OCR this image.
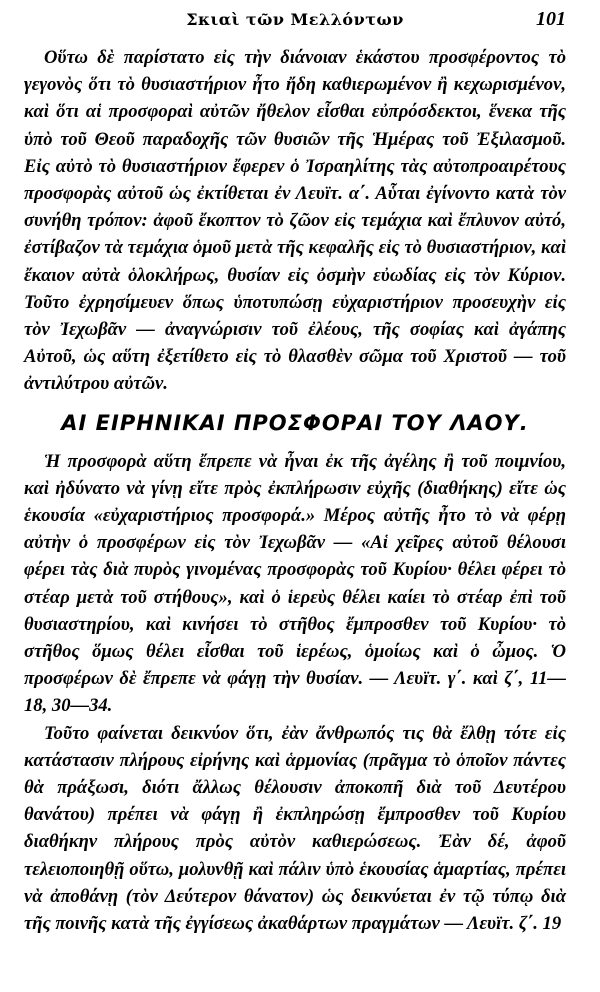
Σκιαὶ τῶν Μελλόντων	101

Οὕτω δὲ παρίστατο εἰς τὴν διάνοιαν ἑκάστου προσφέροντος τὸ γεγονὸς ὅτι τὸ θυσιαστήριον ἦτο ἤδη καθιερωμένον ἢ κεχωρισμένον, καὶ ὅτι αἱ προσφοραὶ αὐτῶν ἤθελον εἶσθαι εὐπρόσδεκτοι, ἕνεκα τῆς ὑπὸ τοῦ Θεοῦ παραδοχῆς τῶν θυσιῶν τῆς Ἡμέρας τοῦ Ἐξιλασμοῦ. Εἰς αὐτὸ τὸ θυσιαστήριον ἔφερεν ὁ Ἰσραηλίτης τὰς αὐτοπροαιρέτους προσφορὰς αὐτοῦ ὡς ἐκτίθεται ἐν Λευϊτ. α΄. Αὗται ἐγίνοντο κατὰ τὸν συνήθη τρόπον: ἀφοῦ ἔκοπτον τὸ ζῶον εἰς τεμάχια καὶ ἔπλυνον αὐτό, ἐστίβαζον τὰ τεμάχια ὁμοῦ μετὰ τῆς κεφαλῆς εἰς τὸ θυσιαστήριον, καὶ ἔκαιον αὐτὰ ὁλοκλήρως, θυσίαν εἰς ὀσμὴν εὐωδίας εἰς τὸν Κύριον. Τοῦτο ἐχρησίμευεν ὅπως ὑποτυπώσῃ εὐχαριστήριον προσευχὴν εἰς τὸν Ἰεχωβᾶν — ἀναγνώρισιν τοῦ ἐλέους, τῆς σοφίας καὶ ἀγάπης Αὐτοῦ, ὡς αὕτη ἐξετίθετο εἰς τὸ θλασθὲν σῶμα τοῦ Χριστοῦ — τοῦ ἀντιλύτρου αὐτῶν.

ΑΙ ΕΙΡΗΝΙΚΑΙ ΠΡΟΣΦΟΡΑΙ ΤΟΥ ΛΑΟΥ.

Ἡ προσφορὰ αὕτη ἔπρεπε νὰ ἦναι ἐκ τῆς ἀγέλης ἢ τοῦ ποιμνίου, καὶ ἠδύνατο νὰ γίνῃ εἴτε πρὸς ἐκπλήρωσιν εὐχῆς (διαθήκης) εἴτε ὡς ἑκουσία «εὐχαριστήριος προσφορά.» Μέρος αὐτῆς ἦτο τὸ νὰ φέρῃ αὐτὴν ὁ προσφέρων εἰς τὸν Ἰεχωβᾶν — «Αἱ χεῖρες αὐτοῦ θέλουσι φέρει τὰς διὰ πυρὸς γινομένας προσφορὰς τοῦ Κυρίου· θέλει φέρει τὸ στέαρ μετὰ τοῦ στήθους», καὶ ὁ ἱερεὺς θέλει καίει τὸ στέαρ ἐπὶ τοῦ θυσιαστηρίου, καὶ κινήσει τὸ στῆθος ἔμπροσθεν τοῦ Κυρίου· τὸ στῆθος ὅμως θέλει εἶσθαι τοῦ ἱερέως, ὁμοίως καὶ ὁ ὦμος. Ὁ προσφέρων δὲ ἔπρεπε νὰ φάγῃ τὴν θυσίαν. — Λευϊτ. γ΄. καὶ ζ΄, 11—18, 30—34.

Τοῦτο φαίνεται δεικνύον ὅτι, ἐὰν ἄνθρωπός τις θὰ ἔλθῃ τότε εἰς κατάστασιν πλήρους εἰρήνης καὶ ἁρμονίας (πρᾶγμα τὸ ὁποῖον πάντες θὰ πράξωσι, διότι ἄλλως θέλουσιν ἀποκοπῆ διὰ τοῦ Δευτέρου θανάτου) πρέπει νὰ φάγῃ ἢ ἐκπληρώσῃ ἔμπροσθεν τοῦ Κυρίου διαθήκην πλήρους πρὸς αὐτὸν καθιερώσεως. Ἐὰν δέ, ἀφοῦ τελειοποιηθῇ οὕτω, μολυνθῇ καὶ πάλιν ὑπὸ ἑκουσίας ἁμαρτίας, πρέπει νὰ ἀποθάνῃ (τὸν Δεύτερον θάνατον) ὡς δεικνύεται ἐν τῷ τύπῳ διὰ τῆς ποινῆς κατὰ τῆς ἐγγίσεως ἀκαθάρτων πραγμάτων — Λευϊτ. ζ΄. 19
